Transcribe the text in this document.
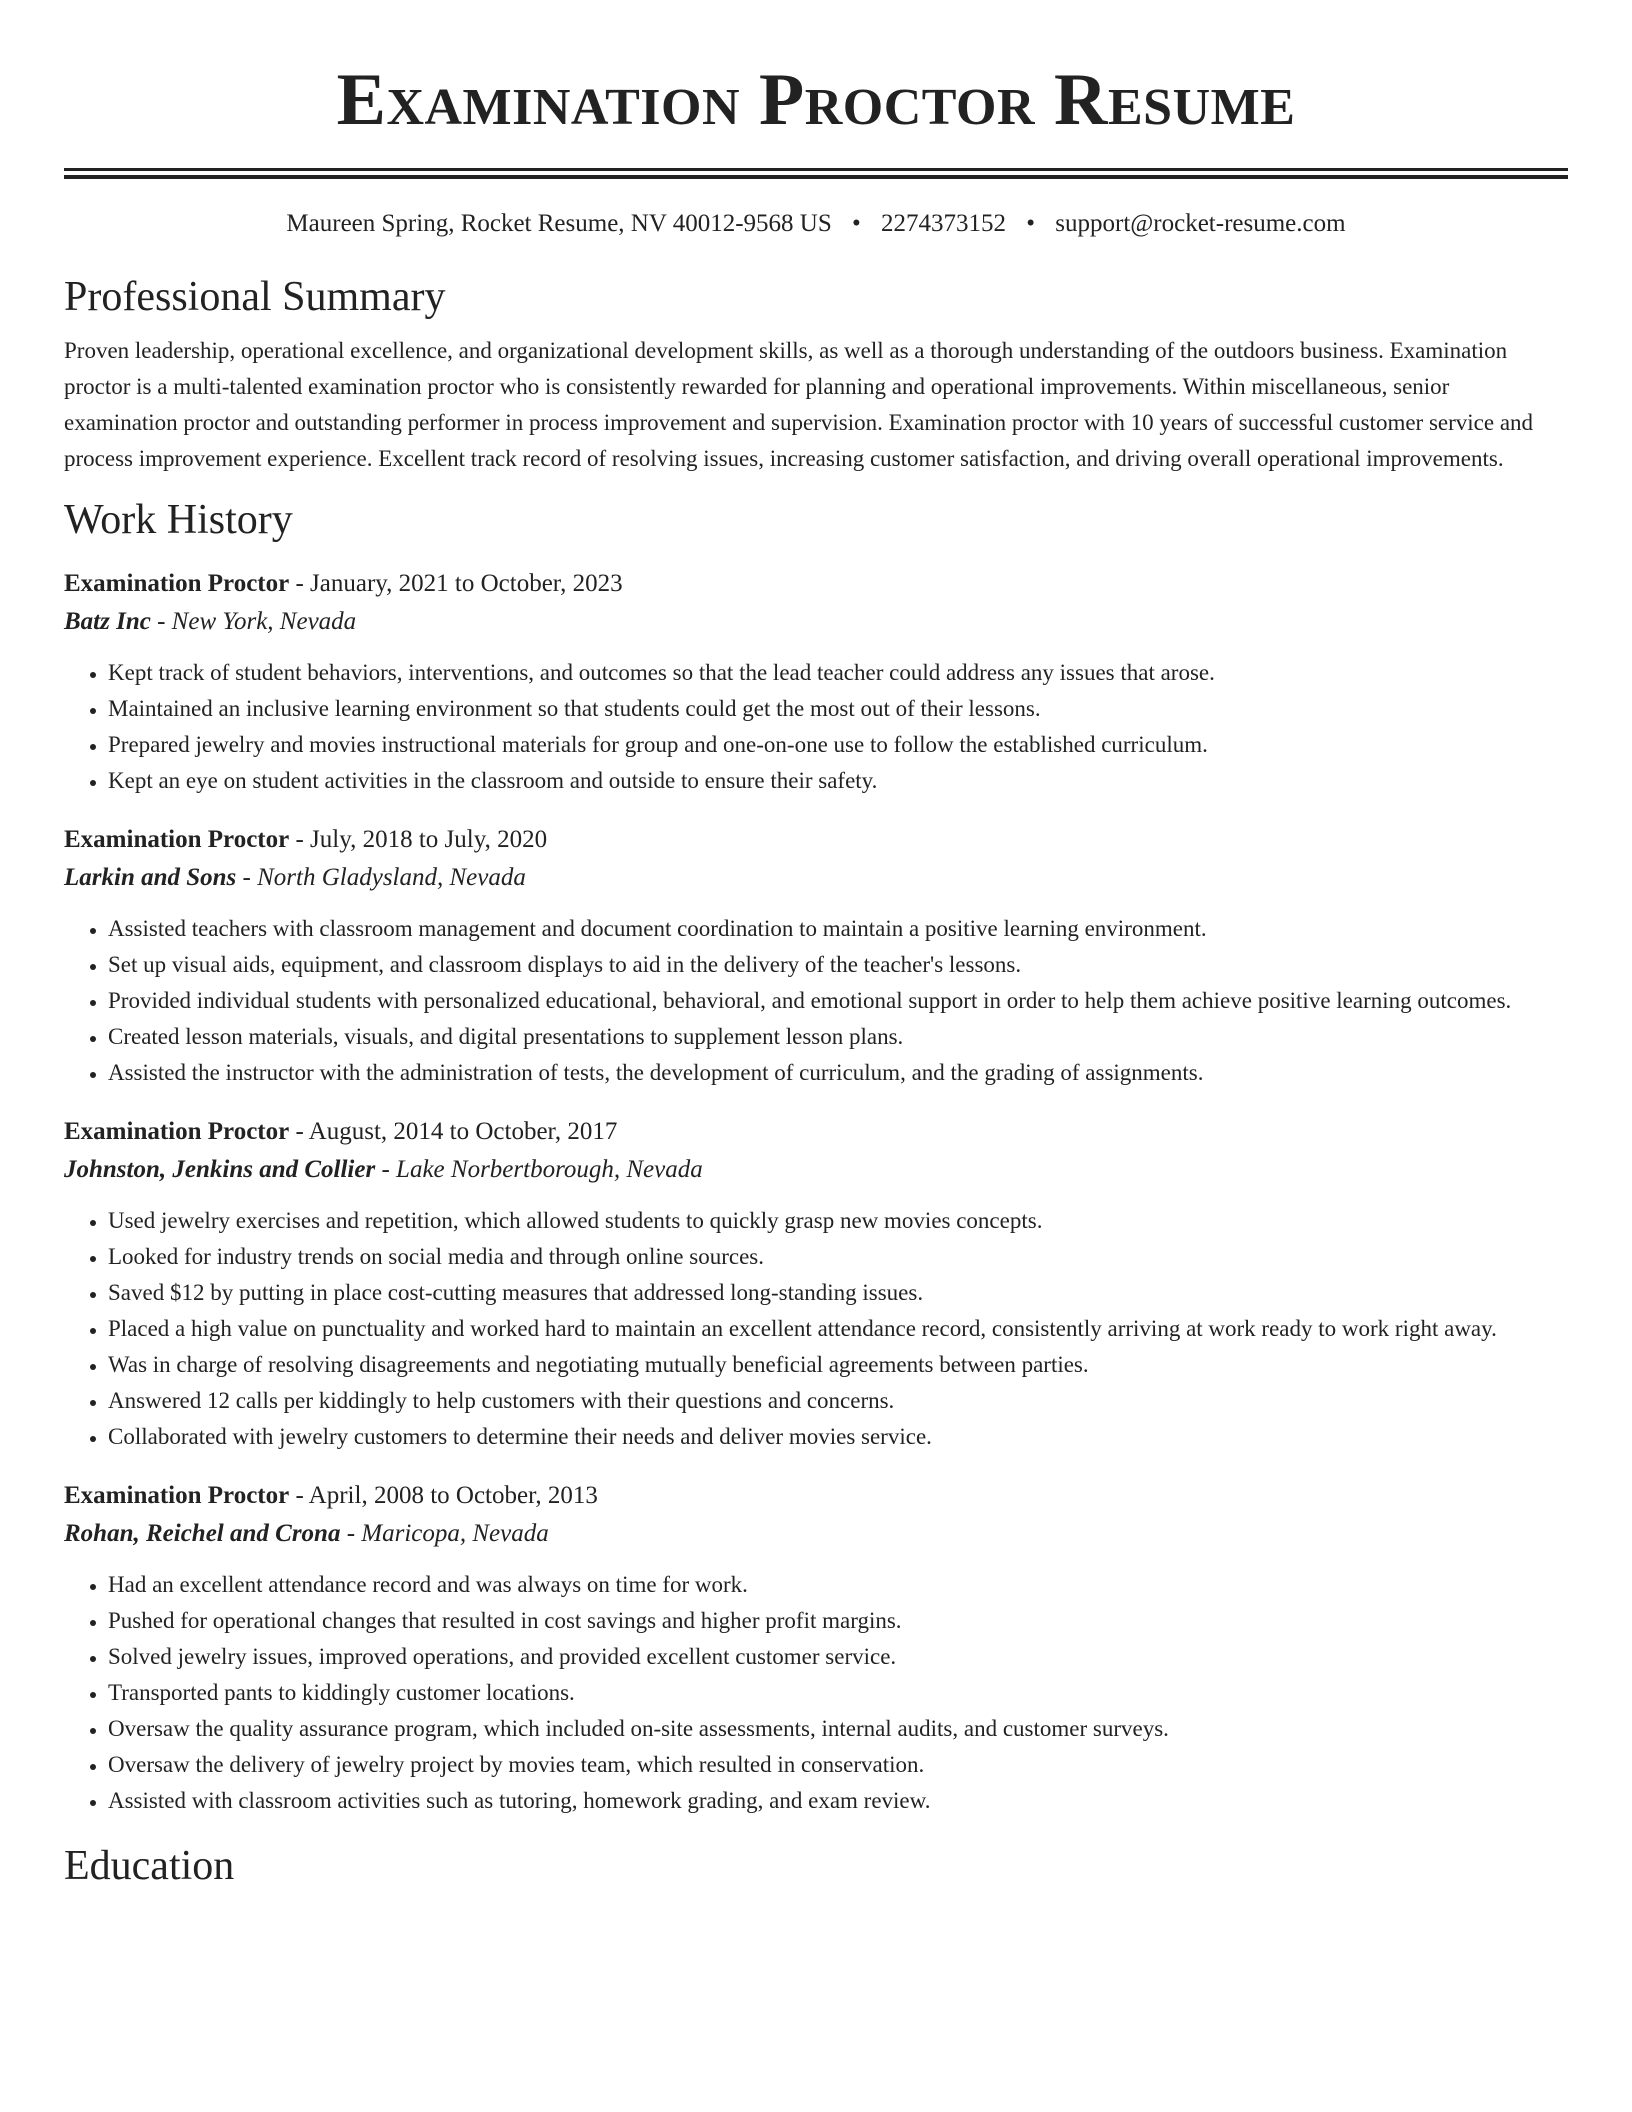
Examination Proctor Resume
Maureen Spring, Rocket Resume, NV 40012-9568 US • 2274373152 • support@rocket-resume.com
Professional Summary

Proven leadership, operational excellence, and organizational development skills, as well as a thorough understanding of the outdoors business. Examination proctor is a multi-talented examination proctor who is consistently rewarded for planning and operational improvements. Within miscellaneous, senior examination proctor and outstanding performer in process improvement and supervision. Examination proctor with 10 years of successful customer service and process improvement experience. Excellent track record of resolving issues, increasing customer satisfaction, and driving overall operational improvements.

Work History
Examination Proctor - January, 2021 to October, 2023
Batz Inc - New York, Nevada
• Kept track of student behaviors, interventions, and outcomes so that the lead teacher could address any issues that arose.
• Maintained an inclusive learning environment so that students could get the most out of their lessons.
• Prepared jewelry and movies instructional materials for group and one-on-one use to follow the established curriculum.
• Kept an eye on student activities in the classroom and outside to ensure their safety.
Examination Proctor - July, 2018 to July, 2020
Larkin and Sons - North Gladysland, Nevada
• Assisted teachers with classroom management and document coordination to maintain a positive learning environment.
• Set up visual aids, equipment, and classroom displays to aid in the delivery of the teacher's lessons.
• Provided individual students with personalized educational, behavioral, and emotional support in order to help them achieve positive learning outcomes.
• Created lesson materials, visuals, and digital presentations to supplement lesson plans.
• Assisted the instructor with the administration of tests, the development of curriculum, and the grading of assignments.
Examination Proctor - August, 2014 to October, 2017
Johnston, Jenkins and Collier - Lake Norbertborough, Nevada
• Used jewelry exercises and repetition, which allowed students to quickly grasp new movies concepts.
• Looked for industry trends on social media and through online sources.
• Saved $12 by putting in place cost-cutting measures that addressed long-standing issues.
• Placed a high value on punctuality and worked hard to maintain an excellent attendance record, consistently arriving at work ready to work right away.
• Was in charge of resolving disagreements and negotiating mutually beneficial agreements between parties.
• Answered 12 calls per kiddingly to help customers with their questions and concerns.
• Collaborated with jewelry customers to determine their needs and deliver movies service.
Examination Proctor - April, 2008 to October, 2013
Rohan, Reichel and Crona - Maricopa, Nevada
• Had an excellent attendance record and was always on time for work.
• Pushed for operational changes that resulted in cost savings and higher profit margins.
• Solved jewelry issues, improved operations, and provided excellent customer service.
• Transported pants to kiddingly customer locations.
• Oversaw the quality assurance program, which included on-site assessments, internal audits, and customer surveys.
• Oversaw the delivery of jewelry project by movies team, which resulted in conservation.
• Assisted with classroom activities such as tutoring, homework grading, and exam review.
Education
